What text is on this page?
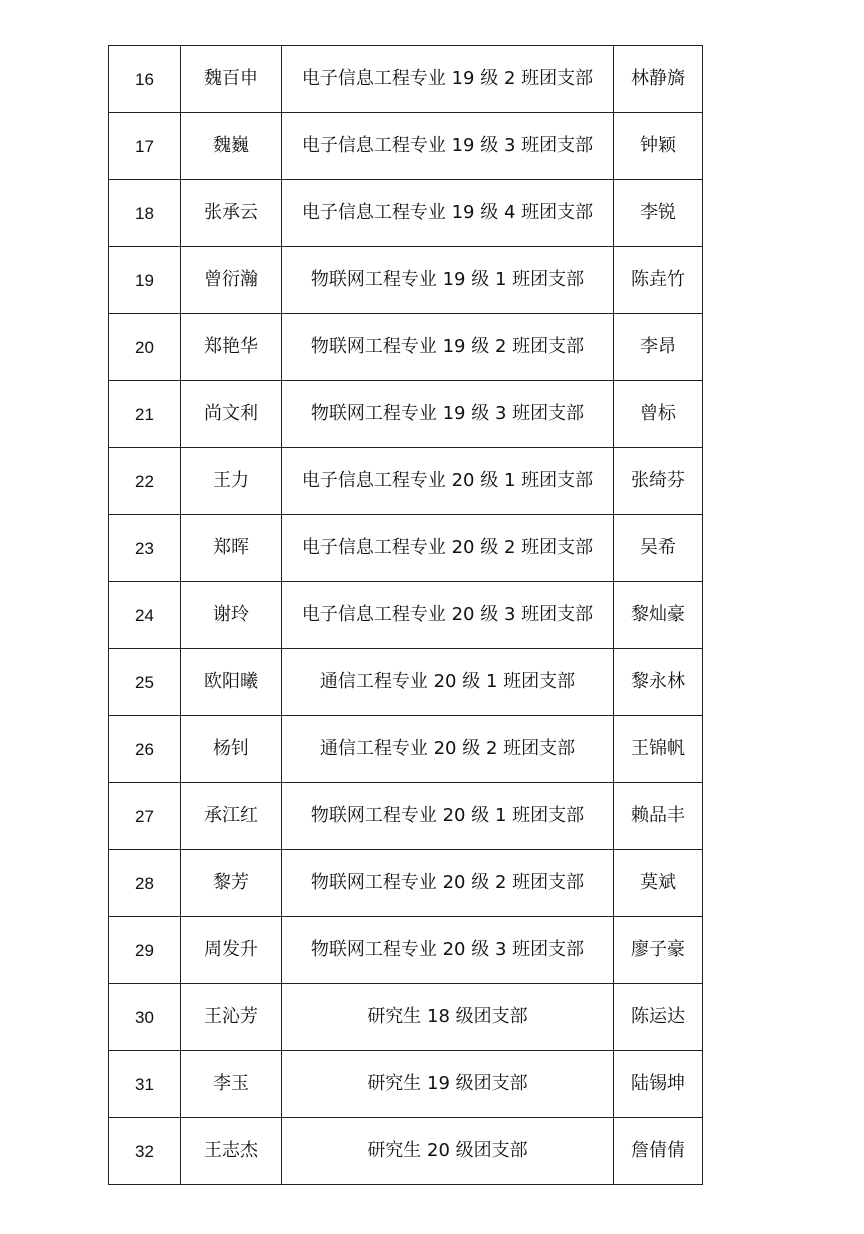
16	魏百申	电子信息工程专业 19 级 2 班团支部	林静旖
17	魏巍	电子信息工程专业 19 级 3 班团支部	钟颖
18	张承云	电子信息工程专业 19 级 4 班团支部	李锐
19	曾衍瀚	物联网工程专业 19 级 1 班团支部	陈垚竹
20	郑艳华	物联网工程专业 19 级 2 班团支部	李昂
21	尚文利	物联网工程专业 19 级 3 班团支部	曾标
22	王力	电子信息工程专业 20 级 1 班团支部	张绮芬
23	郑晖	电子信息工程专业 20 级 2 班团支部	吴希
24	谢玲	电子信息工程专业 20 级 3 班团支部	黎灿豪
25	欧阳曦	通信工程专业 20 级 1 班团支部	黎永林
26	杨钊	通信工程专业 20 级 2 班团支部	王锦帆
27	承江红	物联网工程专业 20 级 1 班团支部	赖品丰
28	黎芳	物联网工程专业 20 级 2 班团支部	莫斌
29	周发升	物联网工程专业 20 级 3 班团支部	廖子豪
30	王沁芳	研究生 18 级团支部	陈运达
31	李玉	研究生 19 级团支部	陆锡坤
32	王志杰	研究生 20 级团支部	詹倩倩
